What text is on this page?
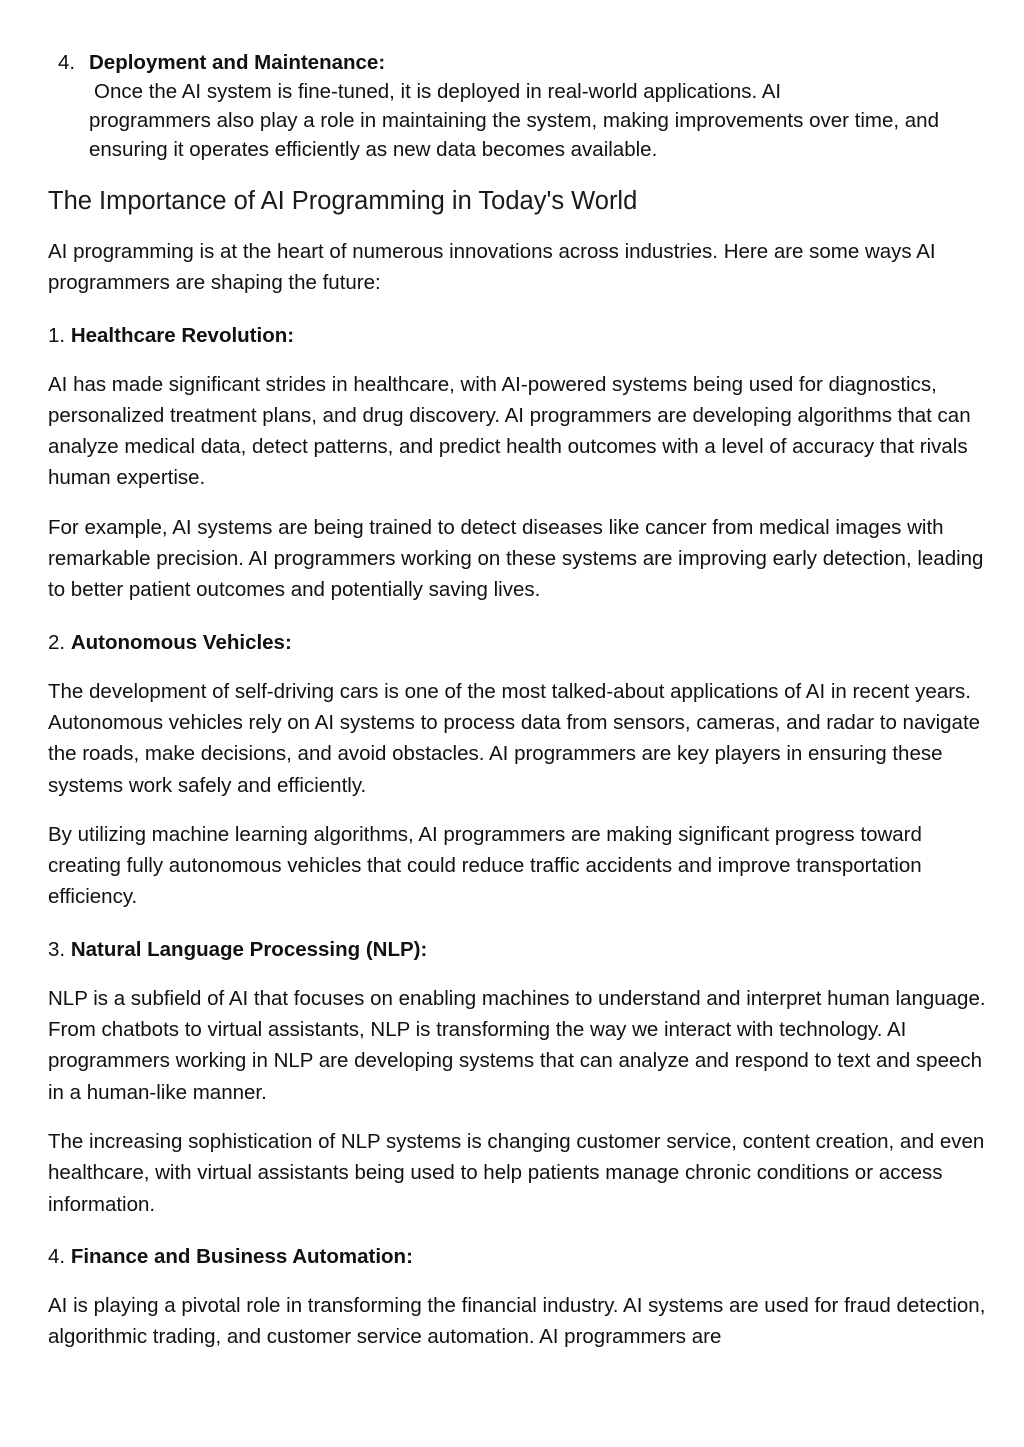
4. Deployment and Maintenance:
Once the AI system is fine-tuned, it is deployed in real-world applications. AI
programmers also play a role in maintaining the system, making improvements over time, and ensuring it operates efficiently as new data becomes available.
The Importance of AI Programming in Today's World

AI programming is at the heart of numerous innovations across industries. Here are some ways AI programmers are shaping the future:

1. Healthcare Revolution:

AI has made significant strides in healthcare, with AI-powered systems being used for diagnostics, personalized treatment plans, and drug discovery. AI programmers are developing algorithms that can analyze medical data, detect patterns, and predict health outcomes with a level of accuracy that rivals human expertise.

For example, AI systems are being trained to detect diseases like cancer from medical images with remarkable precision. AI programmers working on these systems are improving early detection, leading to better patient outcomes and potentially saving lives.

2. Autonomous Vehicles:

The development of self-driving cars is one of the most talked-about applications of AI in recent years. Autonomous vehicles rely on AI systems to process data from sensors, cameras, and radar to navigate the roads, make decisions, and avoid obstacles. AI programmers are key players in ensuring these systems work safely and efficiently.

By utilizing machine learning algorithms, AI programmers are making significant progress toward creating fully autonomous vehicles that could reduce traffic accidents and improve transportation efficiency.

3. Natural Language Processing (NLP):

NLP is a subfield of AI that focuses on enabling machines to understand and interpret human language. From chatbots to virtual assistants, NLP is transforming the way we interact with technology. AI programmers working in NLP are developing systems that can analyze and respond to text and speech in a human-like manner.

The increasing sophistication of NLP systems is changing customer service, content creation, and even healthcare, with virtual assistants being used to help patients manage chronic conditions or access information.

4. Finance and Business Automation:

AI is playing a pivotal role in transforming the financial industry. AI systems are used for fraud detection, algorithmic trading, and customer service automation. AI programmers are
